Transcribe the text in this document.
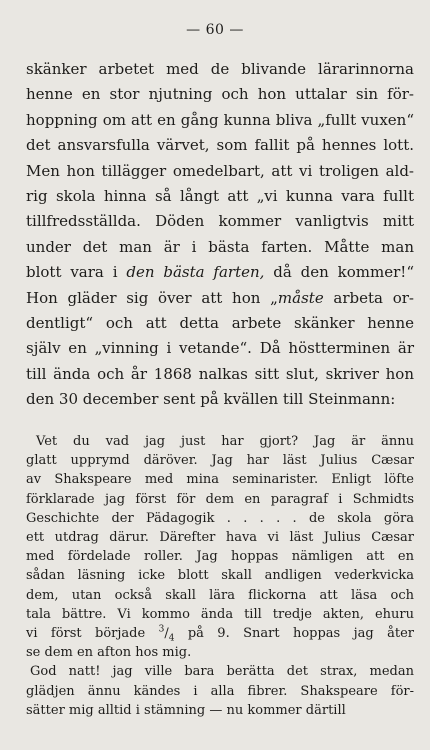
— 60 —
skänker arbetet med de blivande lärarinnorna
henne en stor njutning och hon uttalar sin för-
hoppning om att en gång kunna bliva „fullt vuxen“
det ansvarsfulla värvet, som fallit på hennes lott.
Men hon tillägger omedelbart, att vi troligen ald-
rig skola hinna så långt att „vi kunna vara fullt
tillfredsställda. Döden kommer vanligtvis mitt
under det man är i bästa farten. Måtte man
blott vara i den bästa farten, då den kommer!“
Hon gläder sig över att hon „måste arbeta or-
dentligt“ och att detta arbete skänker henne
själv en „vinning i vetande“. Då höstterminen är
till ända och år 1868 nalkas sitt slut, skriver hon
den 30 december sent på kvällen till Steinmann:
Vet du vad jag just har gjort? Jag är ännu
glatt upprymd däröver. Jag har läst Julius Cæsar
av Shakspeare med mina seminarister. Enligt löfte
förklarade jag först för dem en paragraf i Schmidts
Geschichte der Pädagogik . . . . . de skola göra
ett utdrag därur. Därefter hava vi läst Julius Cæsar
med fördelade roller. Jag hoppas nämligen att en
sådan läsning icke blott skall andligen vederkvicka
dem, utan också skall lära flickorna att läsa och
tala bättre. Vi kommo ända till tredje akten, ehuru
vi först började $^3/_4$ på 9. Snart hoppas jag åter
se dem en afton hos mig.
God natt! jag ville bara berätta det strax, medan
glädjen ännu kändes i alla fibrer. Shakspeare för-
sätter mig alltid i stämning — nu kommer därtill
